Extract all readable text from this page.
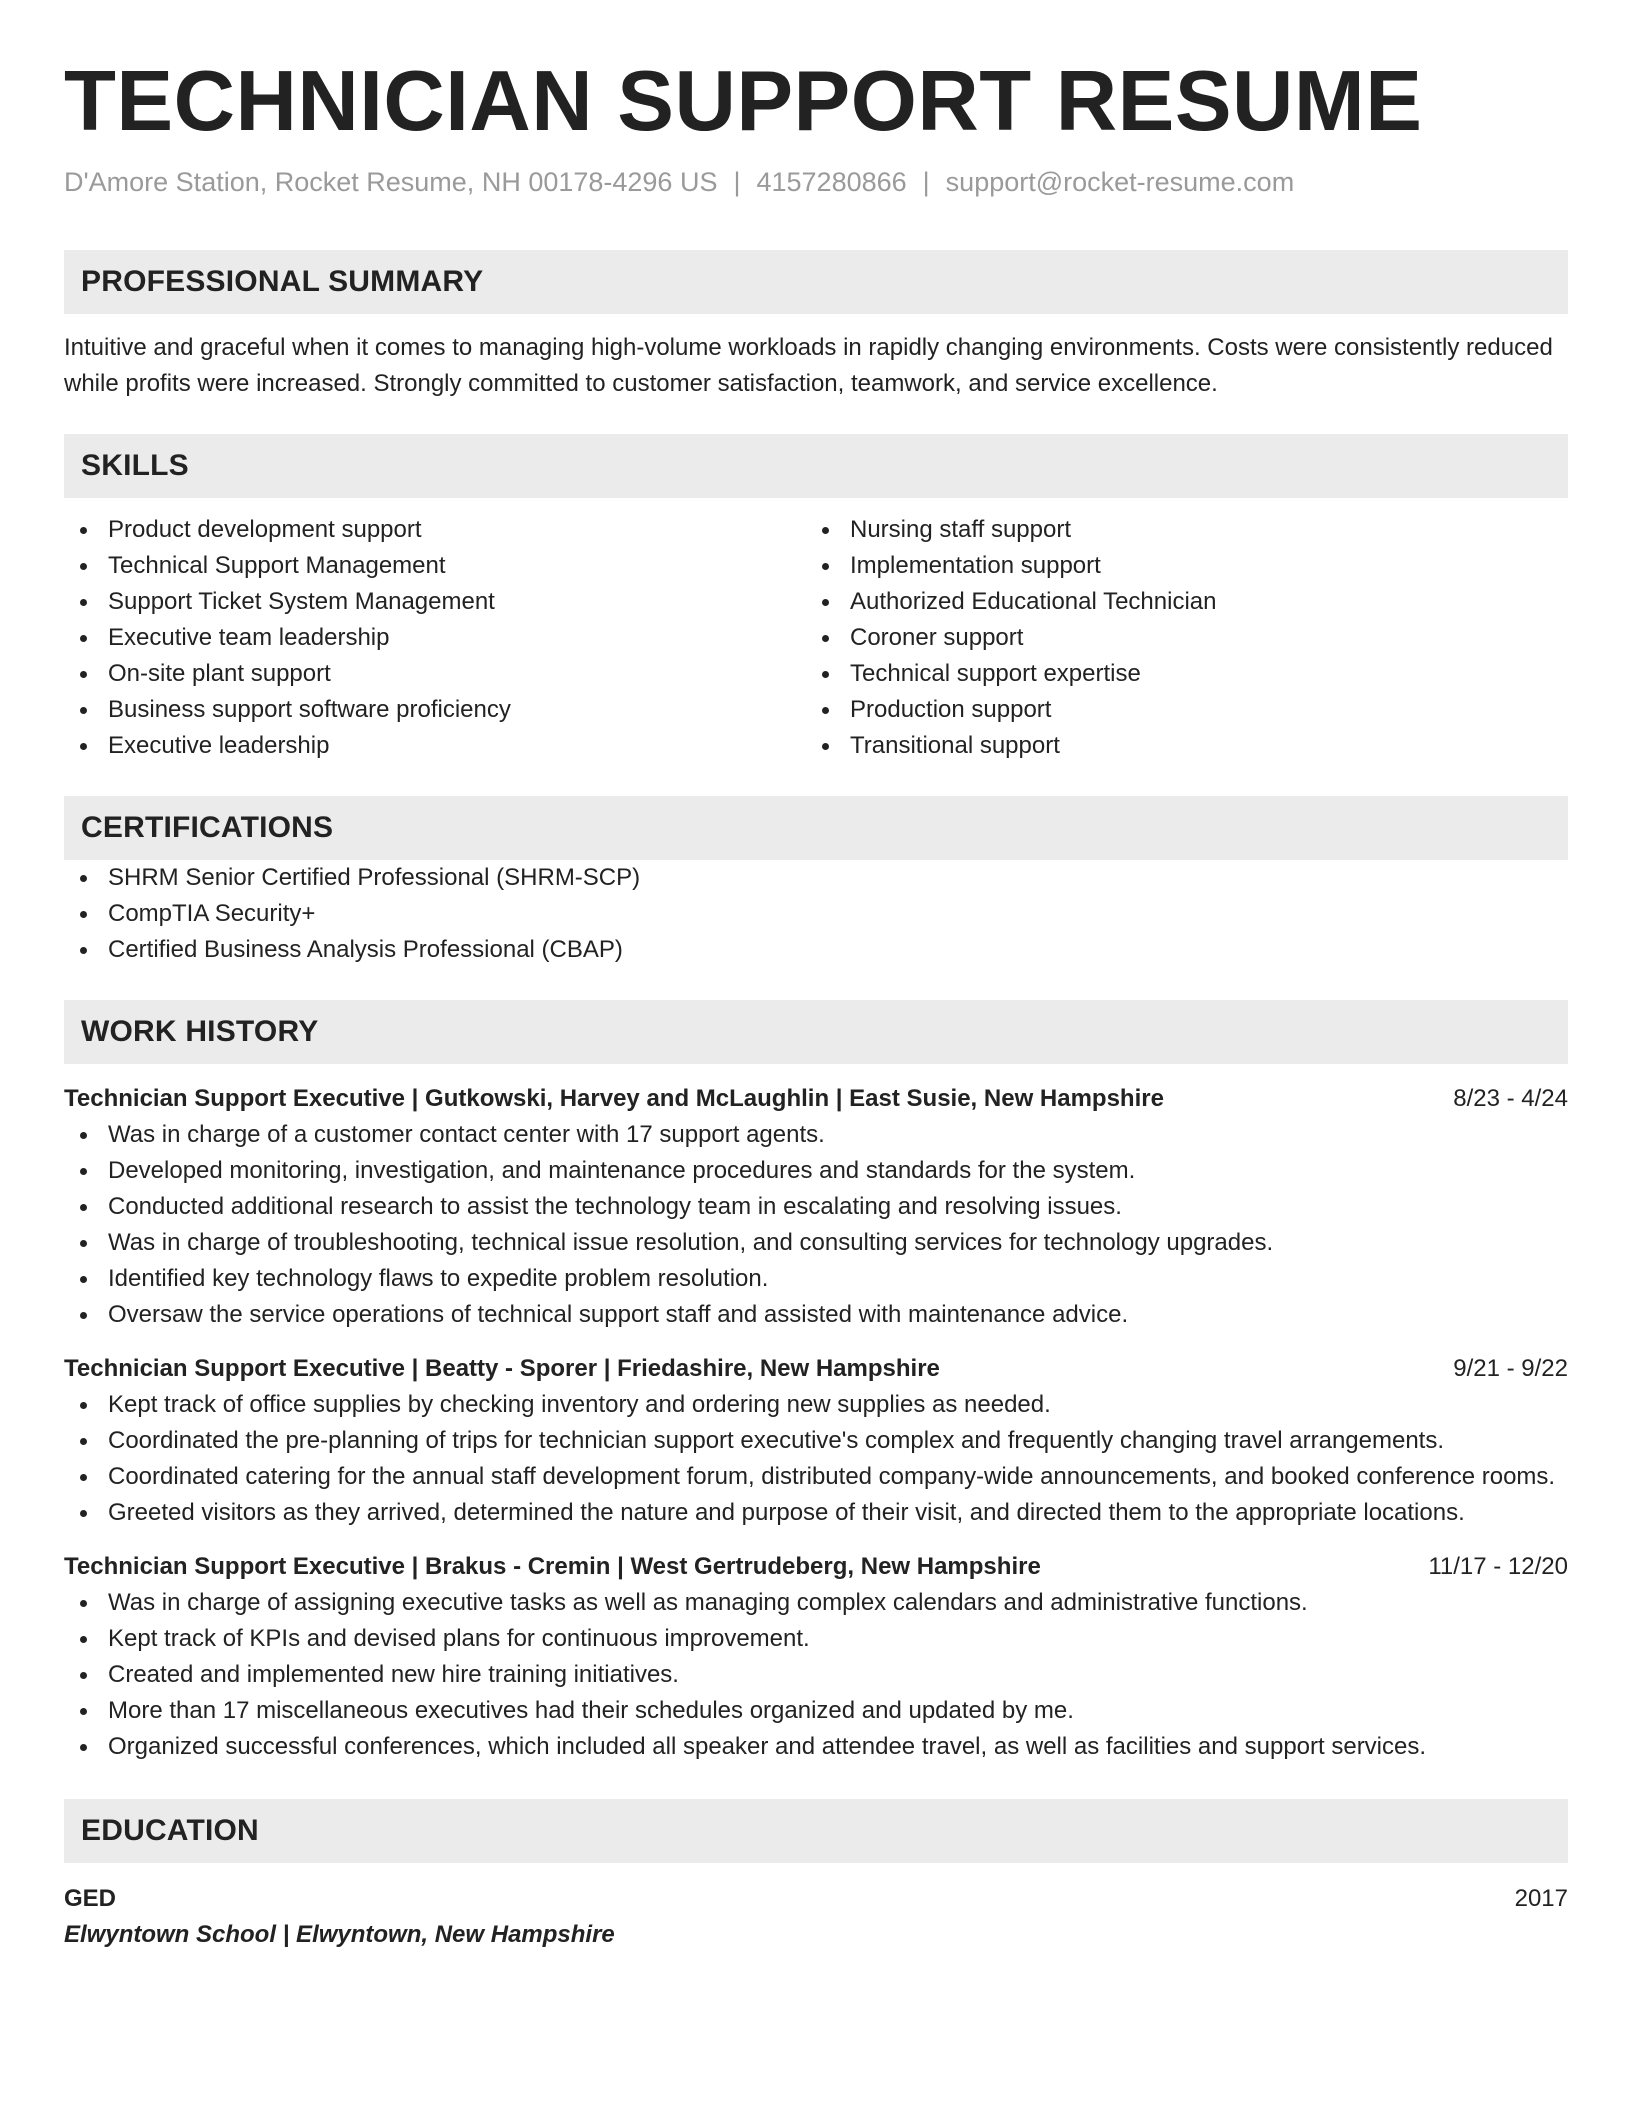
TECHNICIAN SUPPORT RESUME
D'Amore Station, Rocket Resume, NH 00178-4296 US | 4157280866 | support@rocket-resume.com
PROFESSIONAL SUMMARY

Intuitive and graceful when it comes to managing high-volume workloads in rapidly changing environments. Costs were consistently reduced while profits were increased. Strongly committed to customer satisfaction, teamwork, and service excellence.

SKILLS
Product development support
Technical Support Management
Support Ticket System Management
Executive team leadership
On-site plant support
Business support software proficiency
Executive leadership
Nursing staff support
Implementation support
Authorized Educational Technician
Coroner support
Technical support expertise
Production support
Transitional support
CERTIFICATIONS
SHRM Senior Certified Professional (SHRM-SCP)
CompTIA Security+
Certified Business Analysis Professional (CBAP)
WORK HISTORY
Technician Support Executive | Gutkowski, Harvey and McLaughlin | East Susie, New Hampshire	8/23 - 4/24
Was in charge of a customer contact center with 17 support agents.
Developed monitoring, investigation, and maintenance procedures and standards for the system.
Conducted additional research to assist the technology team in escalating and resolving issues.
Was in charge of troubleshooting, technical issue resolution, and consulting services for technology upgrades.
Identified key technology flaws to expedite problem resolution.
Oversaw the service operations of technical support staff and assisted with maintenance advice.
Technician Support Executive | Beatty - Sporer | Friedashire, New Hampshire	9/21 - 9/22
Kept track of office supplies by checking inventory and ordering new supplies as needed.
Coordinated the pre-planning of trips for technician support executive's complex and frequently changing travel arrangements.
Coordinated catering for the annual staff development forum, distributed company-wide announcements, and booked conference rooms.
Greeted visitors as they arrived, determined the nature and purpose of their visit, and directed them to the appropriate locations.
Technician Support Executive | Brakus - Cremin | West Gertrudeberg, New Hampshire	11/17 - 12/20
Was in charge of assigning executive tasks as well as managing complex calendars and administrative functions.
Kept track of KPIs and devised plans for continuous improvement.
Created and implemented new hire training initiatives.
More than 17 miscellaneous executives had their schedules organized and updated by me.
Organized successful conferences, which included all speaker and attendee travel, as well as facilities and support services.
EDUCATION
GED	2017
Elwyntown School | Elwyntown, New Hampshire
